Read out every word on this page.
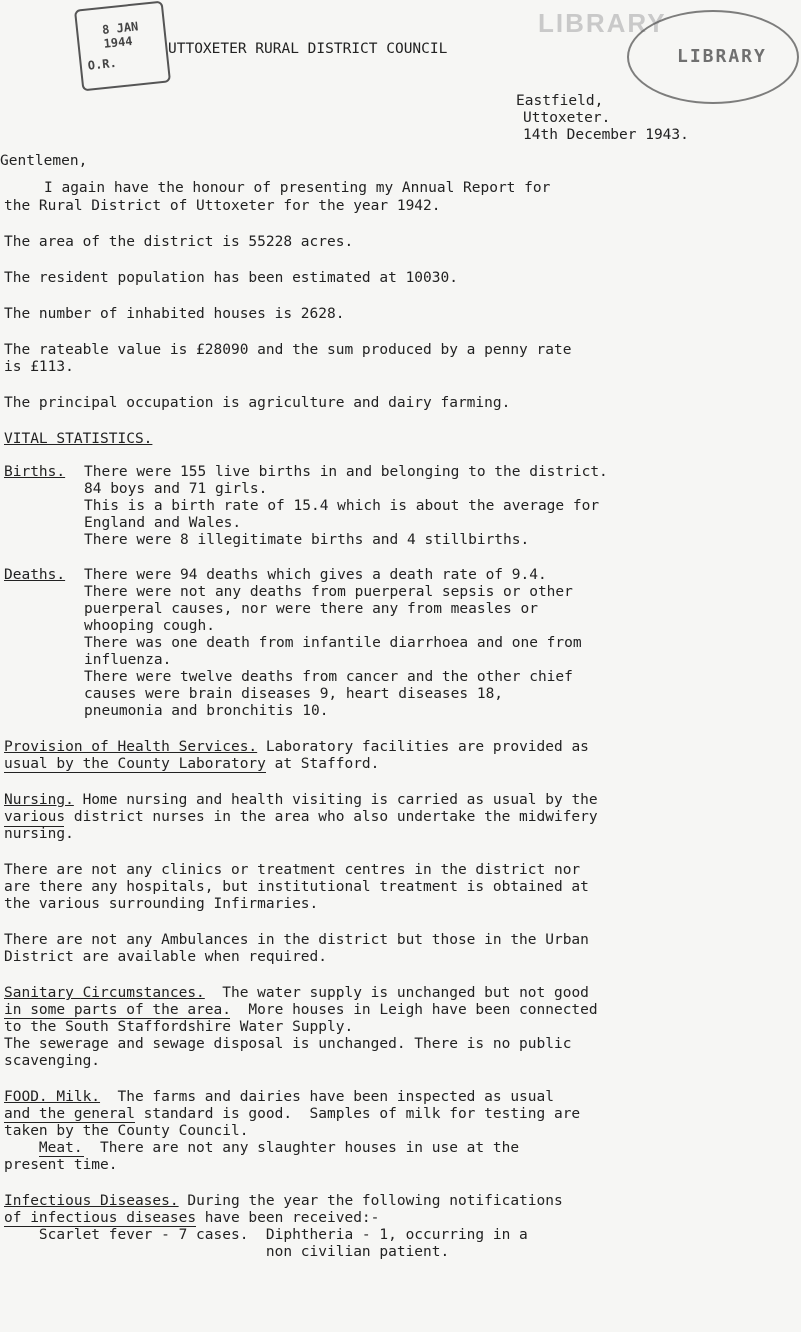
8 JAN 1944
O.R.
LIBRARY
LIBRARY
UTTOXETER RURAL DISTRICT COUNCIL
Eastfield,
Uttoxeter.
14th December 1943.
Gentlemen,
I again have the honour of presenting my Annual Report for
the Rural District of Uttoxeter for the year 1942.
The area of the district is 55228 acres.
The resident population has been estimated at 10030.
The number of inhabited houses is 2628.
The rateable value is £28090 and the sum produced by a penny rate
is £113.
The principal occupation is agriculture and dairy farming.
VITAL STATISTICS.
Births. There were 155 live births in and belonging to the district.
84 boys and 71 girls.
This is a birth rate of 15.4 which is about the average for
England and Wales.
There were 8 illegitimate births and 4 stillbirths.
Deaths. There were 94 deaths which gives a death rate of 9.4.
There were not any deaths from puerperal sepsis or other
puerperal causes, nor were there any from measles or
whooping cough.
There was one death from infantile diarrhoea and one from
influenza.
There were twelve deaths from cancer and the other chief
causes were brain diseases 9, heart diseases 18,
pneumonia and bronchitis 10.
Provision of Health Services. Laboratory facilities are provided as
usual by the County Laboratory at Stafford.
Nursing. Home nursing and health visiting is carried as usual by the
various district nurses in the area who also undertake the midwifery
nursing.
There are not any clinics or treatment centres in the district nor
are there any hospitals, but institutional treatment is obtained at
the various surrounding Infirmaries.
There are not any Ambulances in the district but those in the Urban
District are available when required.
Sanitary Circumstances.  The water supply is unchanged but not good
in some parts of the area.  More houses in Leigh have been connected
to the South Staffordshire Water Supply.
The sewerage and sewage disposal is unchanged. There is no public
scavenging.
FOOD. Milk.  The farms and dairies have been inspected as usual
and the general standard is good.  Samples of milk for testing are
taken by the County Council.
Meat.  There are not any slaughter houses in use at the
present time.
Infectious Diseases. During the year the following notifications
of infectious diseases have been received:-
Scarlet fever - 7 cases.  Diphtheria - 1, occurring in a
non civilian patient.
